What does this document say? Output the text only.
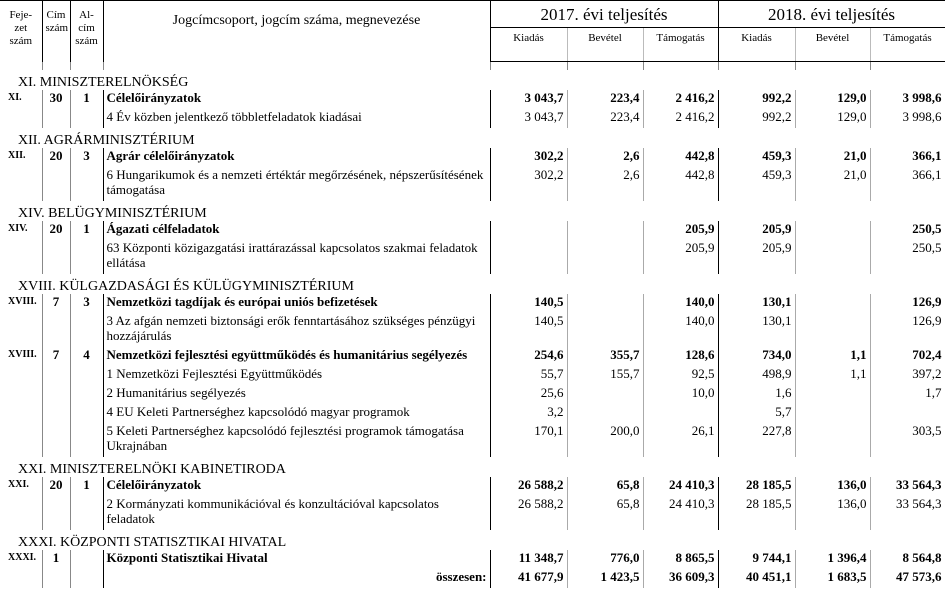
Feje-
zet
szám	Cím
szám	Al-
cím
szám	Jogcímcsoport, jogcím száma, megnevezése	2017. évi teljesítés			2018. évi teljesítés		
				Kiadás	Bevétel	Támogatás	Kiadás	Bevétel	Támogatás

XI. MINISZTERELNÖKSÉG									
XI.	30	1	Célelőirányzatok	3 043,7	223,4	2 416,2	992,2	129,0	3 998,6
			4 Év közben jelentkező többletfeladatok kiadásai	3 043,7	223,4	2 416,2	992,2	129,0	3 998,6
XII. AGRÁRMINISZTÉRIUM									
XII.	20	3	Agrár célelőirányzatok	302,2	2,6	442,8	459,3	21,0	366,1
			6 Hungarikumok és a nemzeti értéktár megőrzésének, népszerűsítésének támogatása	302,2	2,6	442,8	459,3	21,0	366,1
XIV. BELÜGYMINISZTÉRIUM									
XIV.	20	1	Ágazati célfeladatok			205,9	205,9		250,5
			63 Központi közigazgatási irattárazással kapcsolatos szakmai feladatok ellátása			205,9	205,9		250,5
XVIII. KÜLGAZDASÁGI ÉS KÜLÜGYMINISZTÉRIUM									
XVIII.	7	3	Nemzetközi tagdíjak és európai uniós befizetések	140,5		140,0	130,1		126,9
			3 Az afgán nemzeti biztonsági erők fenntartásához szükséges pénzügyi hozzájárulás	140,5		140,0	130,1		126,9
XVIII.	7	4	Nemzetközi fejlesztési együttműködés és humanitárius segélyezés	254,6	355,7	128,6	734,0	1,1	702,4
			1 Nemzetközi Fejlesztési Együttműködés	55,7	155,7	92,5	498,9	1,1	397,2
			2 Humanitárius segélyezés	25,6		10,0	1,6		1,7
			4 EU Keleti Partnerséghez kapcsolódó magyar programok	3,2			5,7		
			5 Keleti Partnerséghez kapcsolódó fejlesztési programok támogatása Ukrajnában	170,1	200,0	26,1	227,8		303,5
XXI. MINISZTERELNÖKI KABINETIRODA									
XXI.	20	1	Célelőirányzatok	26 588,2	65,8	24 410,3	28 185,5	136,0	33 564,3
			2 Kormányzati kommunikációval és konzultációval kapcsolatos feladatok	26 588,2	65,8	24 410,3	28 185,5	136,0	33 564,3
XXXI. KÖZPONTI STATISZTIKAI HIVATAL									
XXXI.	1		Központi Statisztikai Hivatal	11 348,7	776,0	8 865,5	9 744,1	1 396,4	8 564,8
			összesen:	41 677,9	1 423,5	36 609,3	40 451,1	1 683,5	47 573,6
